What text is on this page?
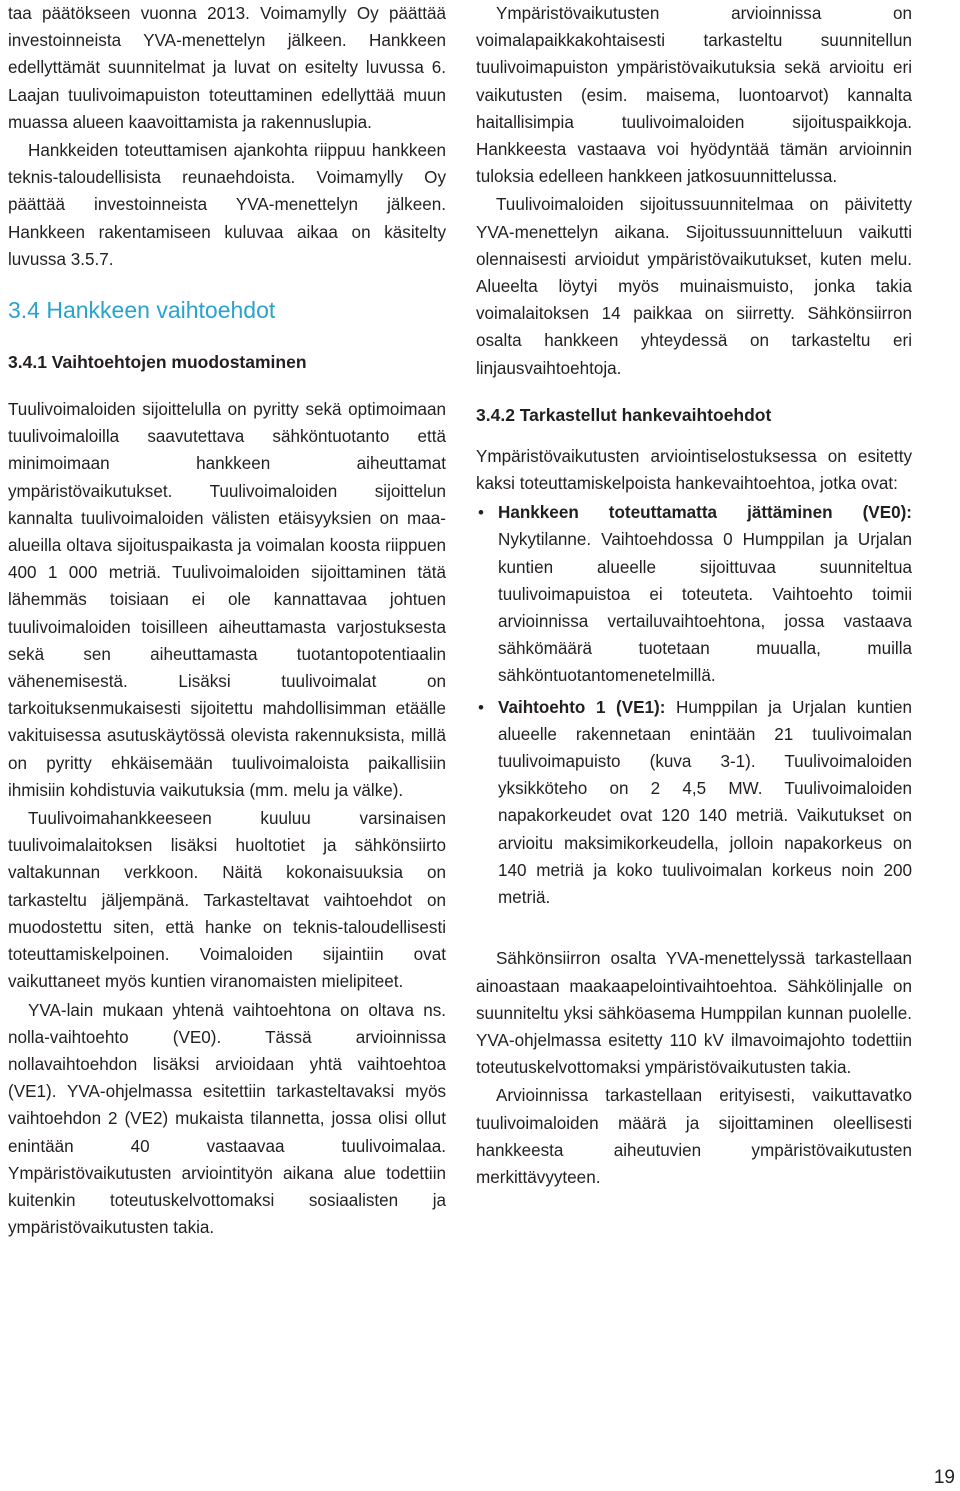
taa päätökseen vuonna 2013. Voimamylly Oy päättää investoinneista YVA-menettelyn jälkeen. Hankkeen edellyttämät suunnitelmat ja luvat on esitelty luvussa 6. Laajan tuulivoimapuiston toteuttaminen edellyttää muun muassa alueen kaavoittamista ja rakennuslupia.

Hankkeiden toteuttamisen ajankohta riippuu hankkeen teknis-taloudellisista reunaehdoista. Voimamylly Oy päättää investoinneista YVA-menettelyn jälkeen. Hankkeen rakentamiseen kuluvaa aikaa on käsitelty luvussa 3.5.7.

3.4 Hankkeen vaihtoehdot
3.4.1 Vaihtoehtojen muodostaminen

Tuulivoimaloiden sijoittelulla on pyritty sekä optimoimaan tuulivoimaloilla saavutettava sähköntuotanto että minimoimaan hankkeen aiheuttamat ympäristövaikutukset. Tuulivoimaloiden sijoittelun kannalta tuulivoimaloiden välisten etäisyyksien on maa-alueilla oltava sijoituspaikasta ja voimalan koosta riippuen 400 1 000 metriä. Tuulivoimaloiden sijoittaminen tätä lähemmäs toisiaan ei ole kannattavaa johtuen tuulivoimaloiden toisilleen aiheuttamasta varjostuksesta sekä sen aiheuttamasta tuotantopotentiaalin vähenemisestä. Lisäksi tuulivoimalat on tarkoituksenmukaisesti sijoitettu mahdollisimman etäälle vakituisessa asutuskäytössä olevista rakennuksista, millä on pyritty ehkäisemään tuulivoimaloista paikallisiin ihmisiin kohdistuvia vaikutuksia (mm. melu ja välke).

Tuulivoimahankkeeseen kuuluu varsinaisen tuulivoimalaitoksen lisäksi huoltotiet ja sähkönsiirto valtakunnan verkkoon. Näitä kokonaisuuksia on tarkasteltu jäljempänä. Tarkasteltavat vaihtoehdot on muodostettu siten, että hanke on teknis-taloudellisesti toteuttamiskelpoinen. Voimaloiden sijaintiin ovat vaikuttaneet myös kuntien viranomaisten mielipiteet.

YVA-lain mukaan yhtenä vaihtoehtona on oltava ns. nolla-vaihtoehto (VE0). Tässä arvioinnissa nollavaihtoehdon lisäksi arvioidaan yhtä vaihtoehtoa (VE1). YVA-ohjelmassa esitettiin tarkasteltavaksi myös vaihtoehdon 2 (VE2) mukaista tilannetta, jossa olisi ollut enintään 40 vastaavaa tuulivoimalaa. Ympäristövaikutusten arviointityön aikana alue todettiin kuitenkin toteutuskelvottomaksi sosiaalisten ja ympäristövaikutusten takia.

Ympäristövaikutusten arvioinnissa on voimalapaikkakohtaisesti tarkasteltu suunnitellun tuulivoimapuiston ympäristövaikutuksia sekä arvioitu eri vaikutusten (esim. maisema, luontoarvot) kannalta haitallisimpia tuulivoimaloiden sijoituspaikkoja. Hankkeesta vastaava voi hyödyntää tämän arvioinnin tuloksia edelleen hankkeen jatkosuunnittelussa.

Tuulivoimaloiden sijoitussuunnitelmaa on päivitetty YVA-menettelyn aikana. Sijoitussuunnitteluun vaikutti olennaisesti arvioidut ympäristövaikutukset, kuten melu. Alueelta löytyi myös muinaismuisto, jonka takia voimalaitoksen 14 paikkaa on siirretty. Sähkönsiirron osalta hankkeen yhteydessä on tarkasteltu eri linjausvaihtoehtoja.

3.4.2 Tarkastellut hankevaihtoehdot

Ympäristövaikutusten arviointiselostuksessa on esitetty kaksi toteuttamiskelpoista hankevaihtoehtoa, jotka ovat:

• Hankkeen toteuttamatta jättäminen (VE0): Nykytilanne. Vaihtoehdossa 0 Humppilan ja Urjalan kuntien alueelle sijoittuvaa suunniteltua tuulivoimapuistoa ei toteuteta. Vaihtoehto toimii arvioinnissa vertailuvaihtoehtona, jossa vastaava sähkömäärä tuotetaan muualla, muilla sähköntuotantomenetelmillä.
• Vaihtoehto 1 (VE1): Humppilan ja Urjalan kuntien alueelle rakennetaan enintään 21 tuulivoimalan tuulivoimapuisto (kuva 3-1). Tuulivoimaloiden yksikköteho on 2 4,5 MW. Tuulivoimaloiden napakorkeudet ovat 120 140 metriä. Vaikutukset on arvioitu maksimikorkeudella, jolloin napakorkeus on 140 metriä ja koko tuulivoimalan korkeus noin 200 metriä.

Sähkönsiirron osalta YVA-menettelyssä tarkastellaan ainoastaan maakaapelointivaihtoehtoa. Sähkölinjalle on suunniteltu yksi sähköasema Humppilan kunnan puolelle. YVA-ohjelmassa esitetty 110 kV ilmavoimajohto todettiin toteutuskelvottomaksi ympäristövaikutusten takia.

Arvioinnissa tarkastellaan erityisesti, vaikuttavatko tuulivoimaloiden määrä ja sijoittaminen oleellisesti hankkeesta aiheutuvien ympäristövaikutusten merkittävyyteen.

19
